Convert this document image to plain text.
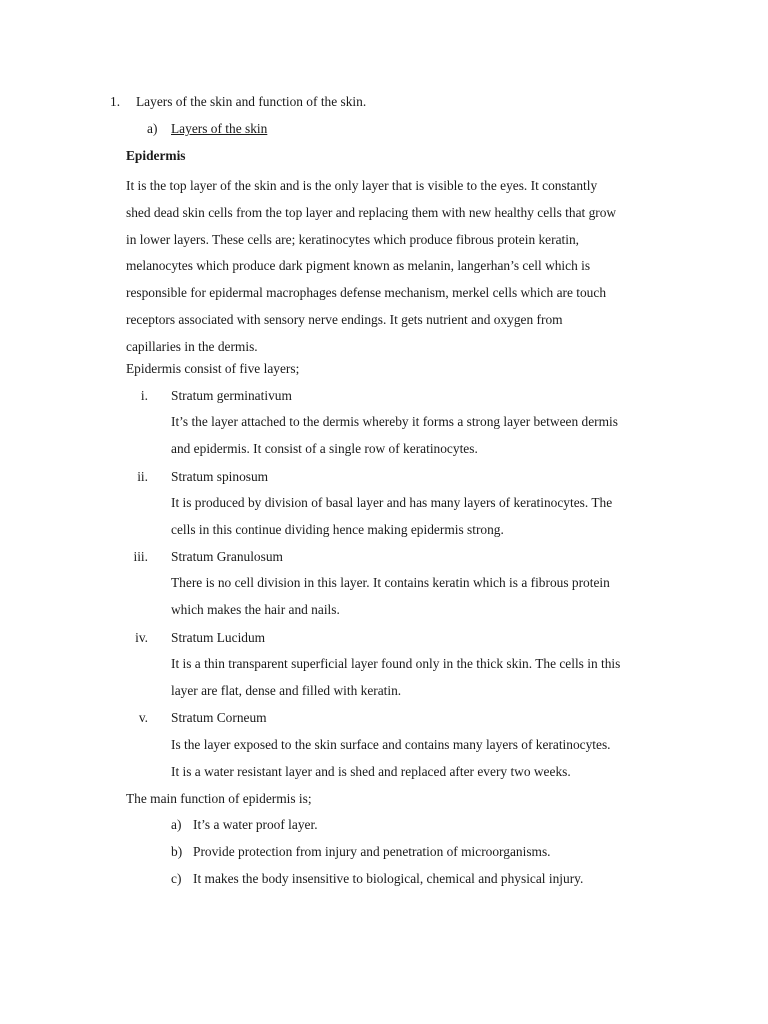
1. Layers of the skin and function of the skin.
a) Layers of the skin
Epidermis
It is the top layer of the skin and is the only layer that is visible to the eyes. It constantly
shed dead skin cells from the top layer and replacing them with new healthy cells that grow
in lower layers. These cells are; keratinocytes which produce fibrous protein keratin,
melanocytes which produce dark pigment known as melanin, langerhan’s cell which is
responsible for epidermal macrophages defense mechanism, merkel cells which are touch
receptors associated with sensory nerve endings. It gets nutrient and oxygen from
capillaries in the dermis.
Epidermis consist of five layers;
i. Stratum germinativum
It’s the layer attached to the dermis whereby it forms a strong layer between dermis
and epidermis. It consist of a single row of keratinocytes.
ii. Stratum spinosum
It is produced by division of basal layer and has many layers of keratinocytes. The
cells in this continue dividing hence making epidermis strong.
iii. Stratum Granulosum
There is no cell division in this layer. It contains keratin which is a fibrous protein
which makes the hair and nails.
iv. Stratum Lucidum
It is a thin transparent superficial layer found only in the thick skin. The cells in this
layer are flat, dense and filled with keratin.
v. Stratum Corneum
Is the layer exposed to the skin surface and contains many layers of keratinocytes.
It is a water resistant layer and is shed and replaced after every two weeks.
The main function of epidermis is;
a) It’s a water proof layer.
b) Provide protection from injury and penetration of microorganisms.
c) It makes the body insensitive to biological, chemical and physical injury.
